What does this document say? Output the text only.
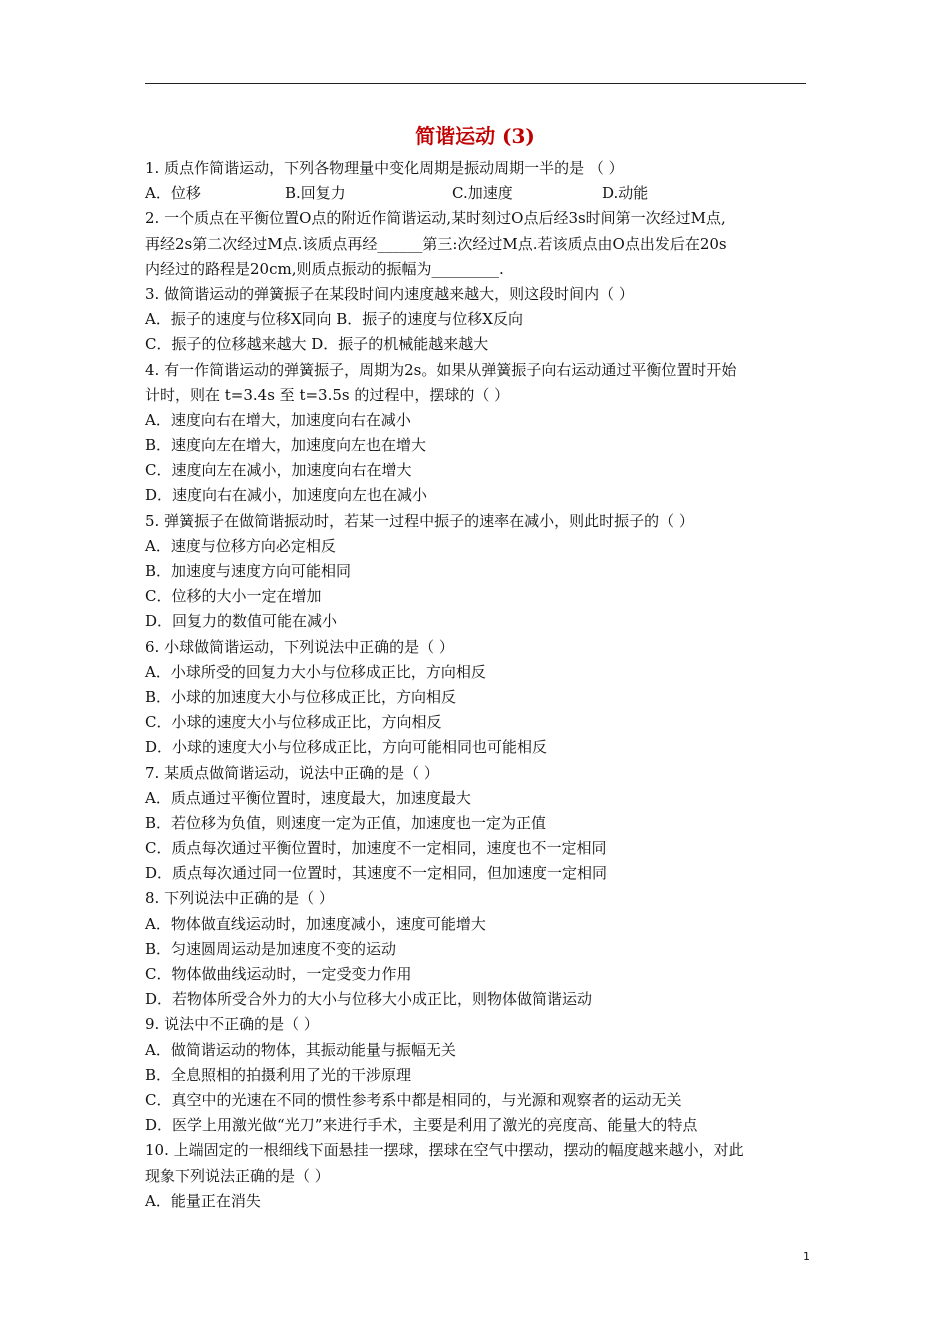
简谐运动 (3)
1. 质点作简谐运动，下列各物理量中变化周期是振动周期一半的是 （ ）
A．位移	B.回复力	C.加速度	D.动能
2. 一个质点在平衡位置O点的附近作简谐运动,某时刻过O点后经3s时间第一次经过M点,
再经2s第二次经过M点.该质点再经______第三:次经过M点.若该质点由O点出发后在20s
内经过的路程是20cm,则质点振动的振幅为_________.
3. 做简谐运动的弹簧振子在某段时间内速度越来越大，则这段时间内（ ）
A．振子的速度与位移X同向 B．振子的速度与位移X反向
C．振子的位移越来越大 D．振子的机械能越来越大
4. 有一作简谐运动的弹簧振子，周期为2s。如果从弹簧振子向右运动通过平衡位置时开始
计时，则在 t=3.4s 至 t=3.5s 的过程中，摆球的（ ）
A．速度向右在增大，加速度向右在减小
B．速度向左在增大，加速度向左也在增大
C．速度向左在减小，加速度向右在增大
D．速度向右在减小，加速度向左也在减小
5. 弹簧振子在做简谐振动时，若某一过程中振子的速率在减小，则此时振子的（ ）
A．速度与位移方向必定相反
B．加速度与速度方向可能相同
C．位移的大小一定在增加
D．回复力的数值可能在减小
6. 小球做简谐运动，下列说法中正确的是（ ）
A．小球所受的回复力大小与位移成正比，方向相反
B．小球的加速度大小与位移成正比，方向相反
C．小球的速度大小与位移成正比，方向相反
D．小球的速度大小与位移成正比，方向可能相同也可能相反
7. 某质点做简谐运动，说法中正确的是（ ）
A．质点通过平衡位置时，速度最大，加速度最大
B．若位移为负值，则速度一定为正值，加速度也一定为正值
C．质点每次通过平衡位置时，加速度不一定相同，速度也不一定相同
D．质点每次通过同一位置时，其速度不一定相同，但加速度一定相同
8. 下列说法中正确的是（ ）
A．物体做直线运动时，加速度减小，速度可能增大
B．匀速圆周运动是加速度不变的运动
C．物体做曲线运动时，一定受变力作用
D．若物体所受合外力的大小与位移大小成正比，则物体做简谐运动
9. 说法中不正确的是（ ）
A．做简谐运动的物体，其振动能量与振幅无关
B．全息照相的拍摄利用了光的干涉原理
C．真空中的光速在不同的惯性参考系中都是相同的，与光源和观察者的运动无关
D．医学上用激光做“光刀”来进行手术，主要是利用了激光的亮度高、能量大的特点
10. 上端固定的一根细线下面悬挂一摆球，摆球在空气中摆动，摆动的幅度越来越小，对此
现象下列说法正确的是（ ）
A．能量正在消失
1
